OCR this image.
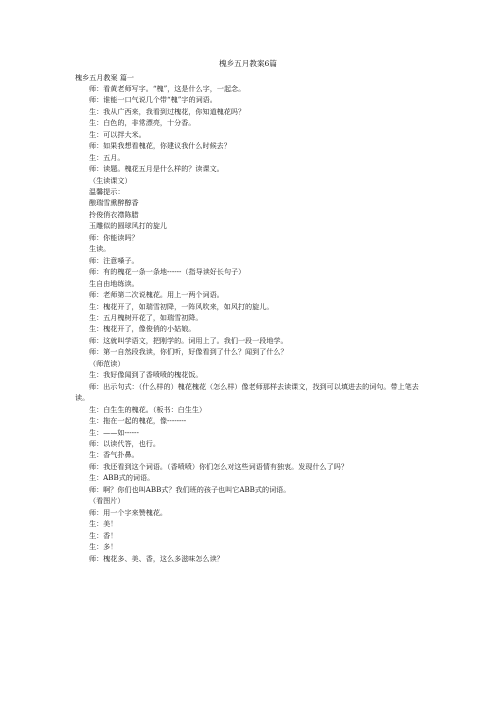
槐乡五月教案6篇

槐乡五月教案 篇一

师：看黄老师写字。“槐”，这是什么字，一起念。

师：谁能一口气说几个带“槐”字的词语。

生：我从广西来，我看到过槐花，你知道槐花吗？

生：白色的，非常漂亮，十分香。

生：可以拌大米。

师：如果我想看槐花，你建议我什么时候去？

生：五月。

师：读题。槐花五月是什么样的？读课文。

（生读课文）

温馨提示：

酿瑞雪熏醉醇香

拎俊俏衣襟陈腊

玉雕似的圆球风打的旋儿

师：你能读吗？

生读。

师：注意嗓子。

师：有的槐花一条一条地------（指导读好长句子）

生自由地练读。

师：老师第二次说槐花。用上一两个词语。

生：槐花开了，如瑞雪初降，一阵风吹来，如风打的旋儿。

生：五月槐树开花了，如瑞雪初降。

生：槐花开了，像俊俏的小姑娘。

师：这就叫学语文，把刚学的。词用上了。我们一段一段地学。

师：第一自然段我读，你们听，好像看到了什么？闻到了什么？

（师范读）

生：我好像闻到了香喷喷的槐花饭。

师：出示句式：（什么样的）槐花槐花（怎么样）像老师那样去读课文，找到可以填进去的词句。带上笔去读。

生：白生生的槐花。（板书：白生生）

生：拖在一起的槐花，像--------

生：——如------

师：以读代答，也行。

生：香气扑鼻。

师：我还看到这个词语。（香喷喷）你们怎么对这些词语情有独衷。发现什么了吗？

生：ABB式的词语。

师：啊？你们也叫ABB式？我们班的孩子也叫它ABB式的词语。

（看图片）

师：用一个字来赞槐花。

生：美！

生：香！

生：多！

师：槐花多、美、香，这么多滋味怎么读？
